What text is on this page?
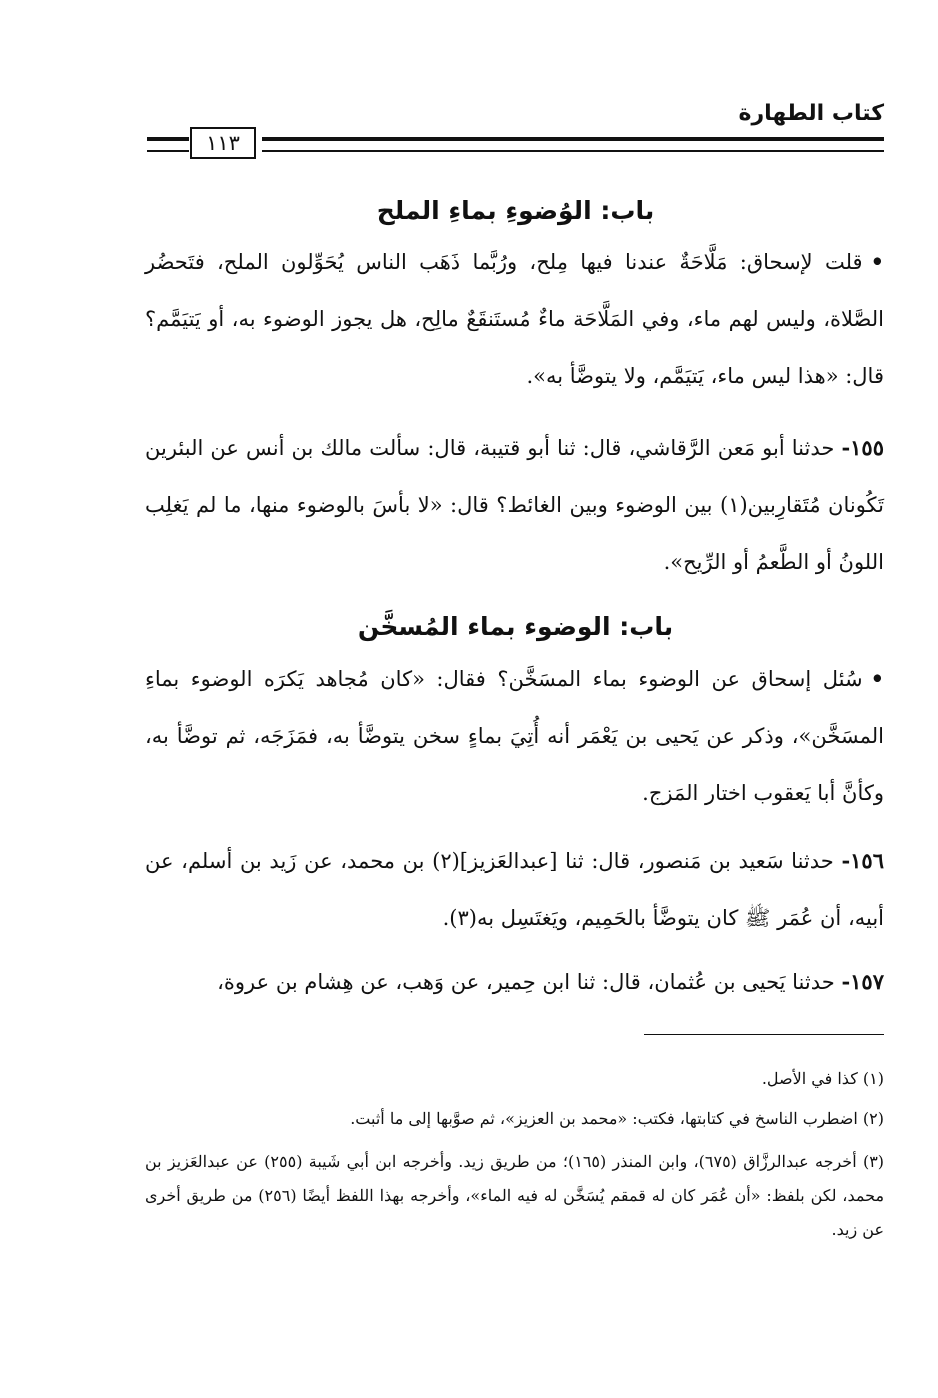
كتاب الطهارة
١١٣
باب: الوُضوءِ بماءِ الملح
•قلت لإسحاق: مَلَّاحَةٌ عندنا فيها مِلح، ورُبَّما ذَهَب الناس يُحَوِّلون الملح، فتَحضُر الصَّلاة، وليس لهم ماء، وفي المَلَّاحَة ماءٌ مُستَنقَعٌ مالِح، هل يجوز الوضوء به، أو يَتيَمَّم؟ قال: «هذا ليس ماء، يَتيَمَّم، ولا يتوضَّأ به».
١٥٥- حدثنا أبو مَعن الرَّقاشي، قال: ثنا أبو قتيبة، قال: سألت مالك بن أنس عن البئرين تَكُونان مُتَقارِبين(١) بين الوضوء وبين الغائط؟ قال: «لا بأسَ بالوضوء منها، ما لم يَغلِب اللونُ أو الطَّعمُ أو الرِّيح».
باب: الوضوء بماء المُسخَّن
•سُئل إسحاق عن الوضوء بماء المسَخَّن؟ فقال: «كان مُجاهد يَكرَه الوضوء بماءِ المسَخَّن»، وذكر عن يَحيى بن يَعْمَر أنه أُتِيَ بماءٍ سخن يتوضَّأ به، فمَزَجَه، ثم توضَّأ به، وكأنَّ أبا يَعقوب اختار المَزج.
١٥٦- حدثنا سَعيد بن مَنصور، قال: ثنا [عبدالعَزيز](٢) بن محمد، عن زَيد بن أسلم، عن أبيه، أن عُمَر ﷺ كان يتوضَّأ بالحَمِيم، ويَغتَسِل به(٣).
١٥٧- حدثنا يَحيى بن عُثمان، قال: ثنا ابن حِمير، عن وَهب، عن هِشام بن عروة،
(١) كذا في الأصل.
(٢) اضطرب الناسخ في كتابتها، فكتب: «محمد بن العزيز»، ثم صوَّبها إلى ما أثبت.
(٣) أخرجه عبدالرزَّاق (٦٧٥)، وابن المنذر (١٦٥)؛ من طريق زيد. وأخرجه ابن أبي شَيبة (٢٥٥) عن عبدالعَزيز بن محمد، لكن بلفظ: «أن عُمَر كان له قمقم يُسَخَّن له فيه الماء»، وأخرجه بهذا اللفظ أيضًا (٢٥٦) من طريق أخرى عن زيد.
